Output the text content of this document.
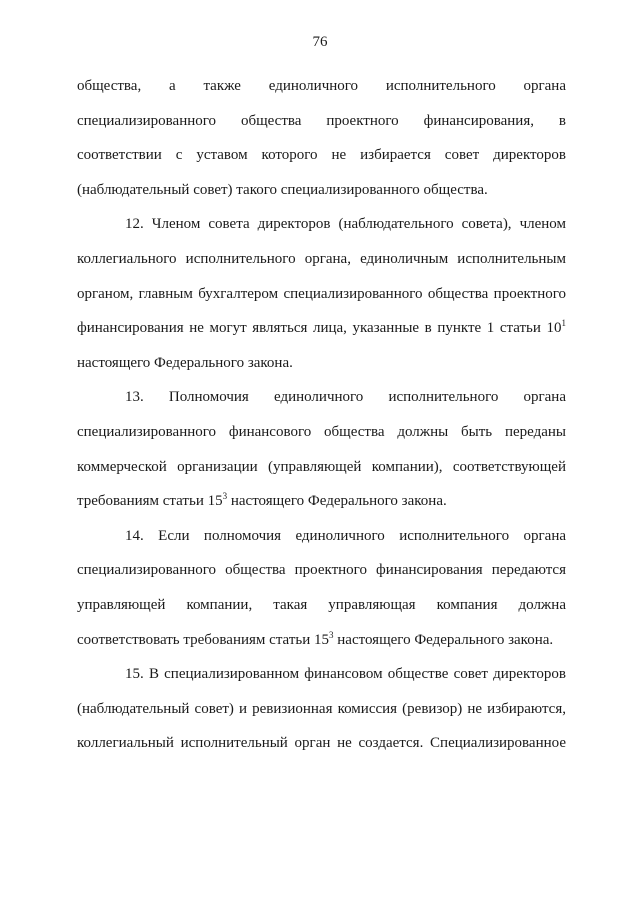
76
общества, а также единоличного исполнительного органа
специализированного общества проектного финансирования, в
соответствии с уставом которого не избирается совет директоров
(наблюдательный совет) такого специализированного общества.
12. Членом совета директоров (наблюдательного совета), членом
коллегиального исполнительного органа, единоличным исполнительным
органом, главным бухгалтером специализированного общества проектного
финансирования не могут являться лица, указанные в пункте 1 статьи $10^1$
настоящего Федерального закона.
13. Полномочия единоличного исполнительного органа
специализированного финансового общества должны быть переданы
коммерческой организации (управляющей компании), соответствующей
требованиям статьи $15^3$ настоящего Федерального закона.
14. Если полномочия единоличного исполнительного органа
специализированного общества проектного финансирования передаются
управляющей компании, такая управляющая компания должна
соответствовать требованиям статьи $15^3$ настоящего Федерального закона.
15. В специализированном финансовом обществе совет директоров
(наблюдательный совет) и ревизионная комиссия (ревизор) не избираются,
коллегиальный исполнительный орган не создается. Специализированное
